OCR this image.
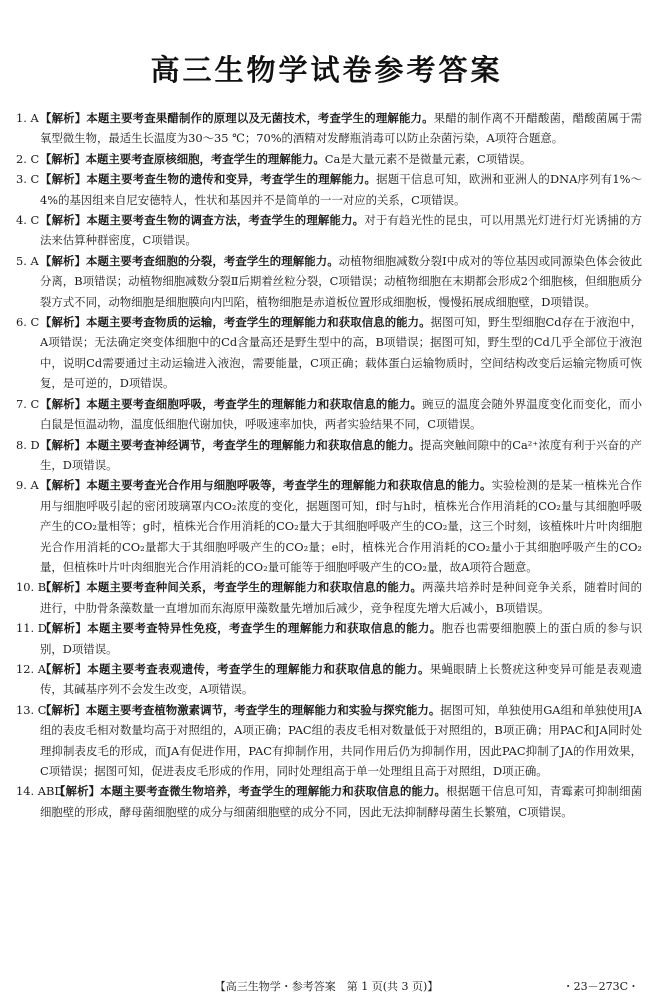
高三生物学试卷参考答案
1. A 【解析】本题主要考查果醋制作的原理以及无菌技术，考查学生的理解能力。果醋的制作离不开醋酸菌，醋酸菌属于需氧型微生物，最适生长温度为30～35 ℃；70%的酒精对发酵瓶消毒可以防止杂菌污染，A项符合题意。
2. C 【解析】本题主要考查原核细胞，考查学生的理解能力。Ca是大量元素不是微量元素，C项错误。
3. C 【解析】本题主要考查生物的遗传和变异，考查学生的理解能力。据题干信息可知，欧洲和亚洲人的DNA序列有1%～4%的基因组来自尼安德特人，性状和基因并不是简单的一一对应的关系，C项错误。
4. C 【解析】本题主要考查生物的调查方法，考查学生的理解能力。对于有趋光性的昆虫，可以用黑光灯进行灯光诱捕的方法来估算种群密度，C项错误。
5. A 【解析】本题主要考查细胞的分裂，考查学生的理解能力。动植物细胞减数分裂Ⅰ中成对的等位基因或同源染色体会彼此分离，B项错误；动植物细胞减数分裂Ⅱ后期着丝粒分裂，C项错误；动植物细胞在末期都会形成2个细胞核，但细胞质分裂方式不同，动物细胞是细胞膜向内凹陷，植物细胞是赤道板位置形成细胞板，慢慢拓展成细胞壁，D项错误。
6. C 【解析】本题主要考查物质的运输，考查学生的理解能力和获取信息的能力。据图可知，野生型细胞Cd存在于液泡中，A项错误；无法确定突变体细胞中的Cd含量高还是野生型中的高，B项错误；据图可知，野生型的Cd几乎全部位于液泡中，说明Cd需要通过主动运输进入液泡，需要能量，C项正确；载体蛋白运输物质时，空间结构改变后运输完物质可恢复，是可逆的，D项错误。
7. C 【解析】本题主要考查细胞呼吸，考查学生的理解能力和获取信息的能力。豌豆的温度会随外界温度变化而变化，而小白鼠是恒温动物，温度低细胞代谢加快，呼吸速率加快，两者实验结果不同，C项错误。
8. D 【解析】本题主要考查神经调节，考查学生的理解能力和获取信息的能力。提高突触间隙中的Ca²⁺浓度有利于兴奋的产生，D项错误。
9. A 【解析】本题主要考查光合作用与细胞呼吸等，考查学生的理解能力和获取信息的能力。实验检测的是某一植株光合作用与细胞呼吸引起的密闭玻璃罩内CO₂浓度的变化，据题图可知，f时与h时，植株光合作用消耗的CO₂量与其细胞呼吸产生的CO₂量相等；g时，植株光合作用消耗的CO₂量大于其细胞呼吸产生的CO₂量，这三个时刻，该植株叶片叶肉细胞光合作用消耗的CO₂量都大于其细胞呼吸产生的CO₂量；e时，植株光合作用消耗的CO₂量小于其细胞呼吸产生的CO₂量，但植株叶片叶肉细胞光合作用消耗的CO₂量可能等于细胞呼吸产生的CO₂量，故A项符合题意。
10. B
【解析】本题主要考查种间关系，考查学生的理解能力和获取信息的能力。两藻共培养时是种间竞争关系，随着时间的进行，中肋骨条藻数量一直增加而东海原甲藻数量先增加后减少，竞争程度先增大后减小，B项错误。
11. D
【解析】本题主要考查特异性免疫，考查学生的理解能力和获取信息的能力。胞吞也需要细胞膜上的蛋白质的参与识别，D项错误。
12. A
【解析】本题主要考查表观遗传，考查学生的理解能力和获取信息的能力。果蝇眼睛上长赘疣这种变异可能是表观遗传，其碱基序列不会发生改变，A项错误。
13. C
【解析】本题主要考查植物激素调节，考查学生的理解能力和实验与探究能力。据图可知，单独使用GA组和单独使用JA组的表皮毛相对数量均高于对照组的，A项正确；PAC组的表皮毛相对数量低于对照组的，B项正确；用PAC和JA同时处理抑制表皮毛的形成，而JA有促进作用，PAC有抑制作用，共同作用后仍为抑制作用，因此PAC抑制了JA的作用效果，C项错误；据图可知，促进表皮毛形成的作用，同时处理组高于单一处理组且高于对照组，D项正确。
14. ABD
【解析】本题主要考查微生物培养，考查学生的理解能力和获取信息的能力。根据题干信息可知，青霉素可抑制细菌细胞壁的形成，酵母菌细胞壁的成分与细菌细胞壁的成分不同，因此无法抑制酵母菌生长繁殖，C项错误。
【高三生物学・参考答案　第 1 页(共 3 页)】	・23－273C・
